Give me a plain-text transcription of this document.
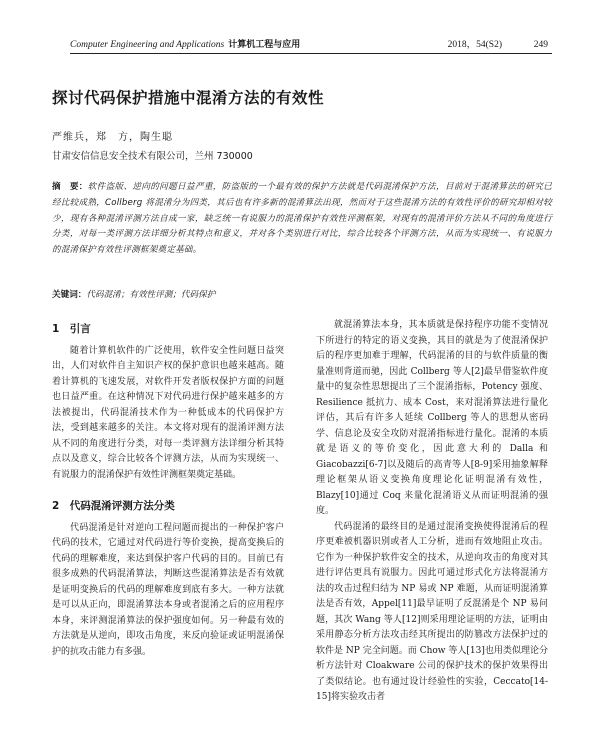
Computer Engineering and Applications 计算机工程与应用	2018，54(S2)	249
探讨代码保护措施中混淆方法的有效性
严维兵，郑　方，陶生聪
甘肃安信信息安全技术有限公司，兰州 730000
摘　要：软件盗版、逆向的问题日益严重，防盗版的一个最有效的保护方法就是代码混淆保护方法，目前对于混淆算法的研究已经比较成熟，Collberg 将混淆分为四类，其后也有许多新的混淆算法出现，然而对于这些混淆方法的有效性评价的研究却相对较少，现有各种混淆评测方法自成一家，缺乏统一有说服力的混淆保护有效性评测框架，对现有的混淆评价方法从不同的角度进行分类，对每一类评测方法详细分析其特点和意义，并对各个类别进行对比，综合比较各个评测方法，从而为实现统一、有说服力的混淆保护有效性评测框架奠定基础。
关键词：代码混淆；有效性评测；代码保护
1　引言

随着计算机软件的广泛使用，软件安全性问题日益突出，人们对软件自主知识产权的保护意识也越来越高。随着计算机的飞速发展，对软件开发者版权保护方面的问题也日益严重。在这种情况下对代码进行保护越来越多的方法被提出，代码混淆技术作为一种低成本的代码保护方法，受到越来越多的关注。本文将对现有的混淆评测方法从不同的角度进行分类，对每一类评测方法详细分析其特点以及意义，综合比较各个评测方法，从而为实现统一、有说服力的混淆保护有效性评测框架奠定基础。

2　代码混淆评测方法分类

代码混淆是针对逆向工程问题而提出的一种保护客户代码的技术，它通过对代码进行等价变换，提高变换后的代码的理解难度，来达到保护客户代码的目的。目前已有很多成熟的代码混淆算法，判断这些混淆算法是否有效就是证明变换后的代码的理解难度到底有多大。一种方法就是可以从正向，即混淆算法本身或者混淆之后的应用程序本身，来评测混淆算法的保护强度如何。另一种最有效的方法就是从逆向，即攻击角度，来反向验证或证明混淆保护的抗攻击能力有多强。

就混淆算法本身，其本质就是保持程序功能不变情况下所进行的特定的语义变换，其目的就是为了使混淆保护后的程序更加难于理解，代码混淆的目的与软件质量的衡量准则背道而驰，因此 Collberg 等人[2]最早借鉴软件度量中的复杂性思想提出了三个混淆指标，Potency 强度、Resilience 抵抗力、成本 Cost，来对混淆算法进行量化评估，其后有许多人延续 Collberg 等人的思想从密码学、信息论及安全攻防对混淆指标进行量化。混淆的本质就是语义的等价变化，因此意大利的 Dalla 和 Giacobazzi[6-7]以及随后的高青等人[8-9]采用抽象解释理论框架从语义变换角度理论化证明混淆有效性，Blazy[10]通过 Coq 来量化混淆语义从而证明混淆的强度。

代码混淆的最终目的是通过混淆变换使得混淆后的程序更难被机器识别或者人工分析，进而有效地阻止攻击。它作为一种保护软件安全的技术，从逆向攻击的角度对其进行评估更具有说服力。因此可通过形式化方法将混淆方法的攻击过程归结为 NP 易或 NP 难题，从而证明混淆算法是否有效，Appel[11]最早证明了反混淆是个 NP 易问题，其次 Wang 等人[12]则采用理论证明的方法，证明由采用静态分析方法攻击经其所提出的防篡改方法保护过的软件是 NP 完全问题。而 Chow 等人[13]也用类似理论分析方法针对 Cloakware 公司的保护技术的保护效果得出了类似结论。也有通过设计经验性的实验，Ceccato[14-15]将实验攻击者
